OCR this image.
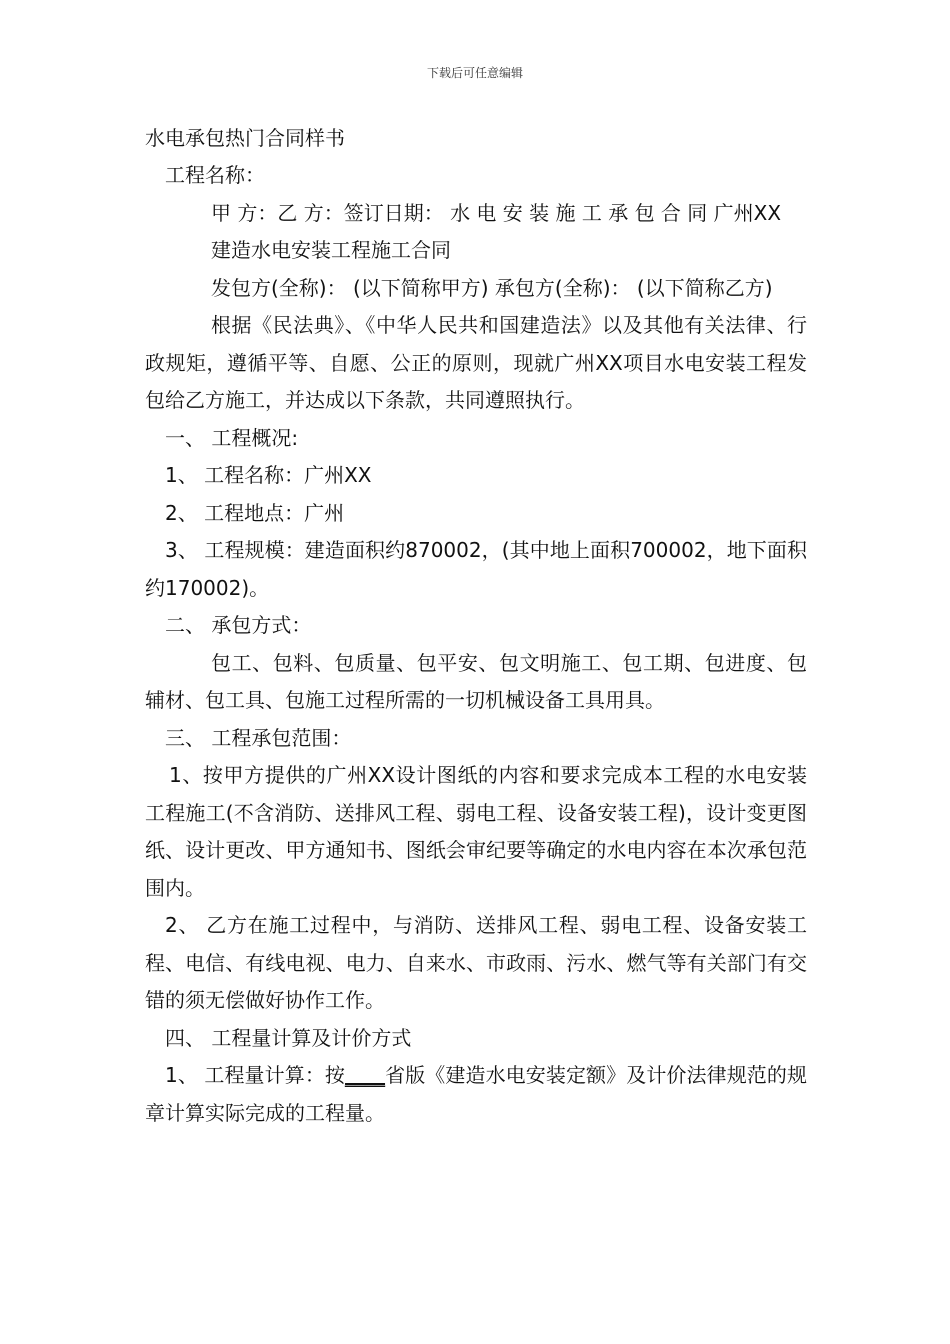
下载后可任意编辑
水电承包热门合同样书

工程名称：

甲 方：乙 方：签订日期： 水 电 安 装 施 工 承 包 合 同 广州XX

建造水电安装工程施工合同

发包方(全称)： (以下简称甲方) 承包方(全称)： (以下简称乙方)

根据《民法典》、《中华人民共和国建造法》以及其他有关法律、行政规矩，遵循平等、自愿、公正的原则，现就广州XX项目水电安装工程发包给乙方施工，并达成以下条款，共同遵照执行。

一、 工程概况:

1、 工程名称：广州XX

2、 工程地点：广州

3、 工程规模：建造面积约870002，(其中地上面积700002，地下面积约170002)。

二、 承包方式：

包工、包料、包质量、包平安、包文明施工、包工期、包进度、包辅材、包工具、包施工过程所需的一切机械设备工具用具。

三、 工程承包范围：

1、按甲方提供的广州XX设计图纸的内容和要求完成本工程的水电安装工程施工(不含消防、送排风工程、弱电工程、设备安装工程)，设计变更图纸、设计更改、甲方通知书、图纸会审纪要等确定的水电内容在本次承包范围内。

2、 乙方在施工过程中，与消防、送排风工程、弱电工程、设备安装工程、电信、有线电视、电力、自来水、市政雨、污水、燃气等有关部门有交错的须无偿做好协作工作。

四、 工程量计算及计价方式

1、 工程量计算：按____省版《建造水电安装定额》及计价法律规范的规章计算实际完成的工程量。
